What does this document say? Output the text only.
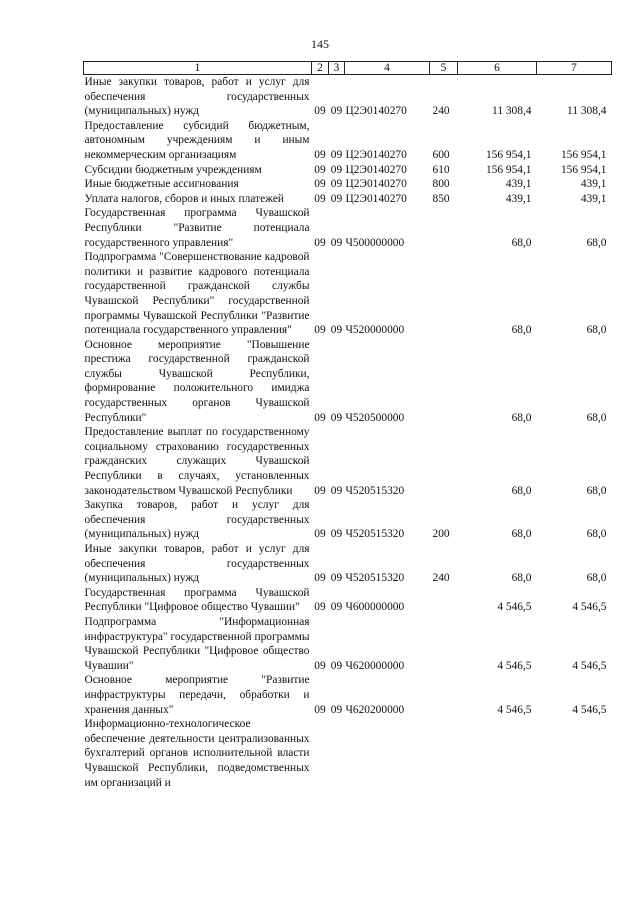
145
1	2	3	4	5	6	7
Иные закупки товаров, работ и услуг для обеспечения государственных (муниципальных) нужд	09	09	Ц2Э0140270	240	11 308,4	11 308,4
Предоставление субсидий бюджетным, автономным учреждениям и иным некоммерческим организациям	09	09	Ц2Э0140270	600	156 954,1	156 954,1
Субсидии бюджетным учреждениям	09	09	Ц2Э0140270	610	156 954,1	156 954,1
Иные бюджетные ассигнования	09	09	Ц2Э0140270	800	439,1	439,1
Уплата налогов, сборов и иных платежей	09	09	Ц2Э0140270	850	439,1	439,1
Государственная программа Чувашской Республики "Развитие потенциала государственного управления"	09	09	Ч500000000		68,0	68,0
Подпрограмма "Совершенствование кадровой политики и развитие кадрового потенциала государственной гражданской службы Чувашской Республики" государственной программы Чувашской Республики "Развитие потенциала государственного управления"	09	09	Ч520000000		68,0	68,0
Основное мероприятие "Повышение престижа государственной гражданской службы Чувашской Республики, формирование положительного имиджа государственных органов Чувашской Республики"	09	09	Ч520500000		68,0	68,0
Предоставление выплат по государственному социальному страхованию государственных гражданских служащих Чувашской Республики в случаях, установленных законодательством Чувашской Республики	09	09	Ч520515320		68,0	68,0
Закупка товаров, работ и услуг для обеспечения государственных (муниципальных) нужд	09	09	Ч520515320	200	68,0	68,0
Иные закупки товаров, работ и услуг для обеспечения государственных (муниципальных) нужд	09	09	Ч520515320	240	68,0	68,0
Государственная программа Чувашской Республики "Цифровое общество Чувашии"	09	09	Ч600000000		4 546,5	4 546,5
Подпрограмма "Информационная инфраструктура" государственной программы Чувашской Республики "Цифровое общество Чувашии"	09	09	Ч620000000		4 546,5	4 546,5
Основное мероприятие "Развитие инфраструктуры передачи, обработки и хранения данных"	09	09	Ч620200000		4 546,5	4 546,5
Информационно-технологическое обеспечение деятельности централизованных бухгалтерий органов исполнительной власти Чувашской Республики, подведомственных им организаций и						
